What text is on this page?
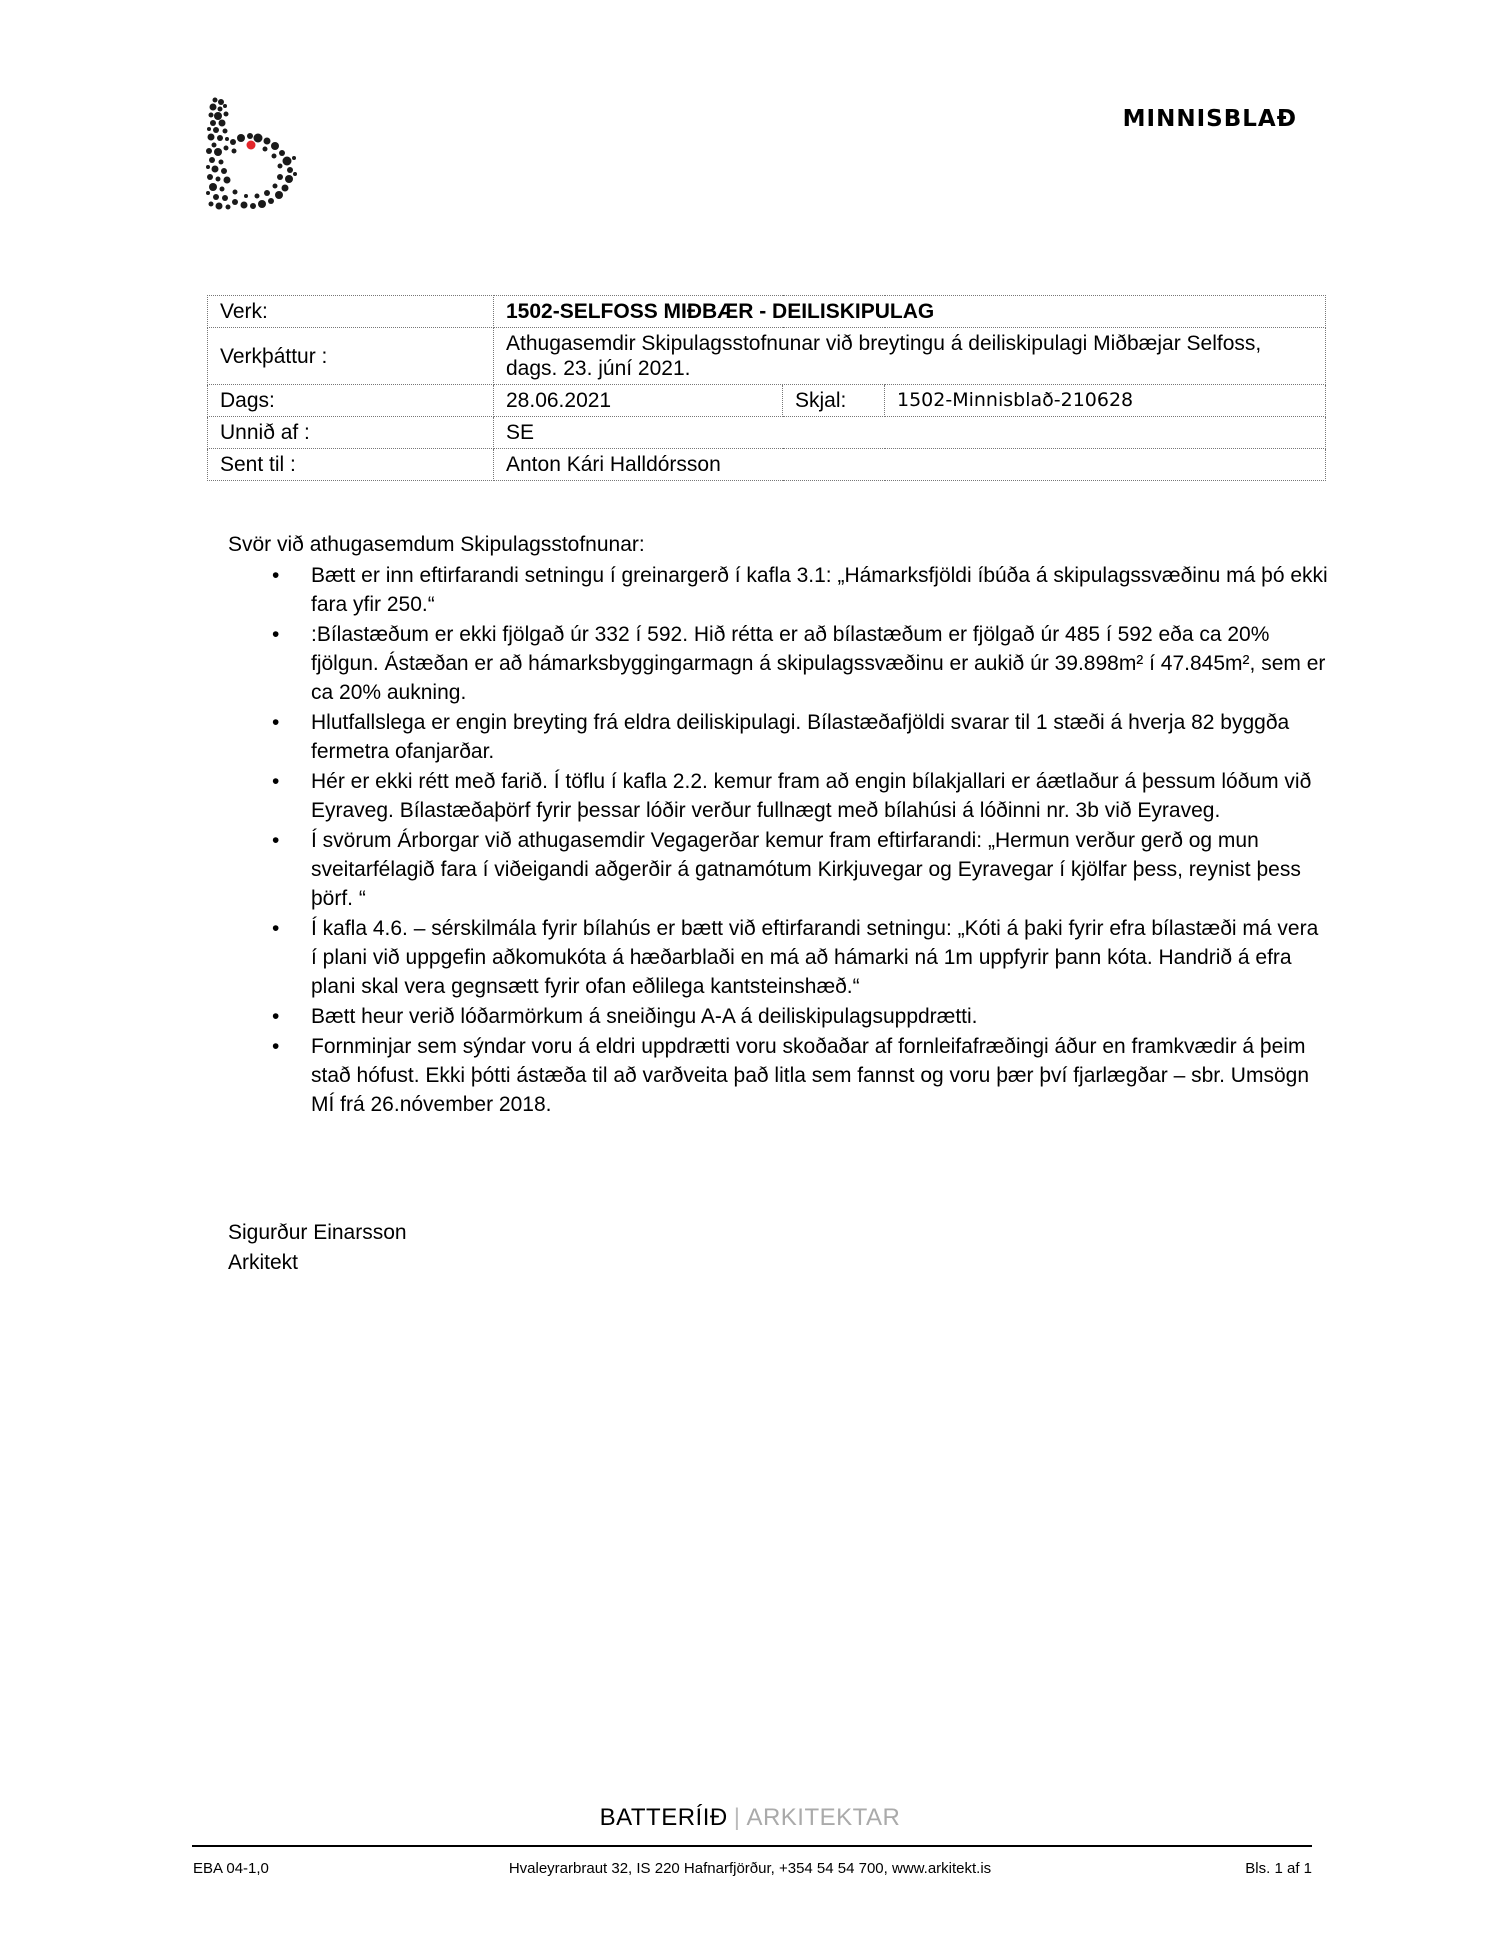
MINNISBLAÐ
Verk:	1502-SELFOSS MIÐBÆR - DEILISKIPULAG		
Verkþáttur :	Athugasemdir Skipulagsstofnunar við breytingu á deiliskipulagi Miðbæjar Selfoss, dags. 23. júní 2021.		
Dags:	28.06.2021	Skjal:	1502-Minnisblað-210628
Unnið af :	SE		
Sent til :	Anton Kári Halldórsson		

Svör við athugasemdum Skipulagsstofnunar:

• Bætt er inn eftirfarandi setningu í greinargerð í kafla 3.1: „Hámarksfjöldi íbúða á skipulagssvæðinu má þó ekki fara yfir 250.“
• :Bílastæðum er ekki fjölgað úr 332 í 592. Hið rétta er að bílastæðum er fjölgað úr 485 í 592 eða ca 20% fjölgun. Ástæðan er að hámarksbyggingarmagn á skipulagssvæðinu er aukið úr 39.898m² í 47.845m², sem er ca 20% aukning.
• Hlutfallslega er engin breyting frá eldra deiliskipulagi. Bílastæðafjöldi svarar til 1 stæði á hverja 82 byggða fermetra ofanjarðar.
• Hér er ekki rétt með farið. Í töflu í kafla 2.2. kemur fram að engin bílakjallari er áætlaður á þessum lóðum við Eyraveg. Bílastæðaþörf fyrir þessar lóðir verður fullnægt með bílahúsi á lóðinni nr. 3b við Eyraveg.
• Í svörum Árborgar við athugasemdir Vegagerðar kemur fram eftirfarandi: „Hermun verður gerð og mun sveitarfélagið fara í viðeigandi aðgerðir á gatnamótum Kirkjuvegar og Eyravegar í kjölfar þess, reynist þess þörf. “
• Í kafla 4.6. – sérskilmála fyrir bílahús er bætt við eftirfarandi setningu: „Kóti á þaki fyrir efra bílastæði má vera í plani við uppgefin aðkomukóta á hæðarblaði en má að hámarki ná 1m uppfyrir þann kóta. Handrið á efra plani skal vera gegnsætt fyrir ofan eðlilega kantsteinshæð.“
• Bætt heur verið lóðarmörkum á sneiðingu A-A á deiliskipulagsuppdrætti.
• Fornminjar sem sýndar voru á eldri uppdrætti voru skoðaðar af fornleifafræðingi áður en framkvædir á þeim stað hófust. Ekki þótti ástæða til að varðveita það litla sem fannst og voru þær því fjarlægðar – sbr. Umsögn MÍ frá 26.nóvember 2018.
Sigurður Einarsson
Arkitekt
BATTERÍIÐ | ARKITEKTAR
EBA 04-1,0	Hvaleyrarbraut 32, IS 220 Hafnarfjörður, +354 54 54 700, www.arkitekt.is	Bls. 1 af 1
